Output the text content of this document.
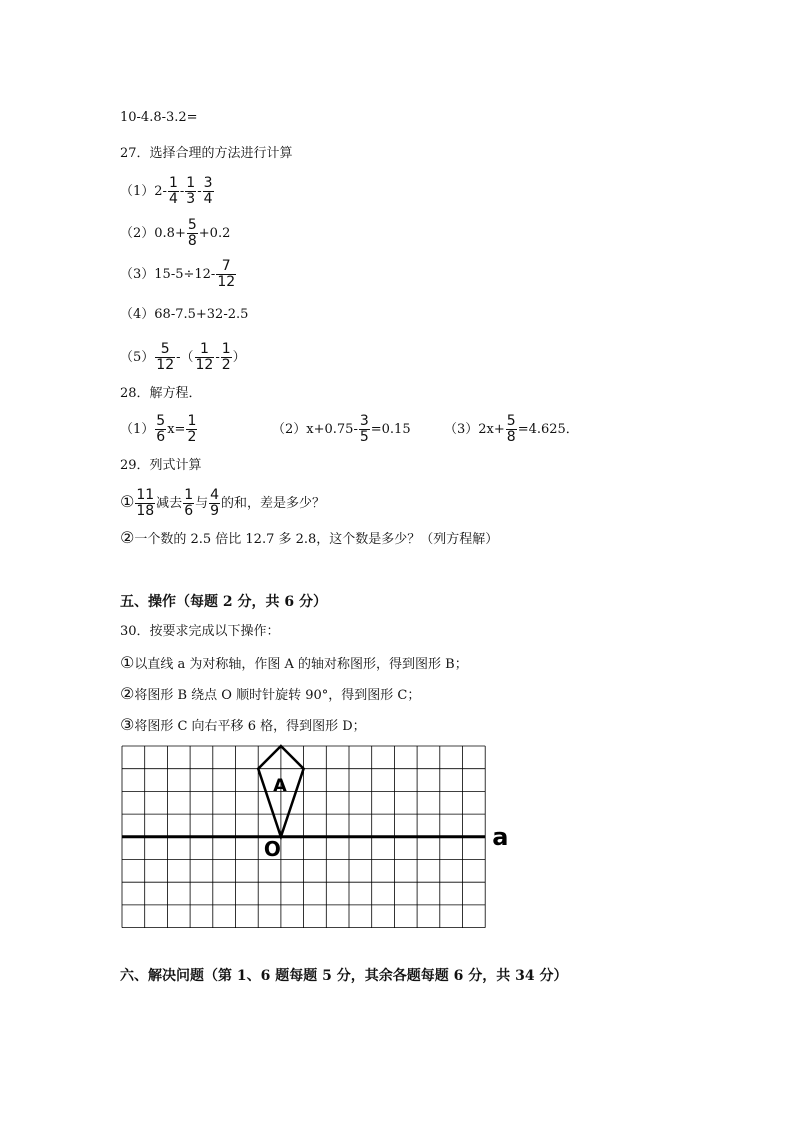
10-4.8-3.2=
27．选择合理的方法进行计算
$(1)2- \frac{1}{4} - \frac{1}{3} - \frac{3}{4}$
$(2)0.8+ \frac{5}{8} +0.2$
$(3)15-5\div 12- \frac{7}{12}$
（4）68-7.5+32-2.5
$(5) \frac{5}{12}$ -（ $\frac{1}{12} - \frac{1}{2}$ ）
28．解方程．
$(1) \frac{5}{6} x= \frac{1}{2}$	$(2)x+0.75- \frac{3}{5} =0.15$	$(3)2x+ \frac{5}{8} =4.625$．
29．列式计算
① $\frac{11}{18}$ 减去 $\frac{1}{6}$ 与 $\frac{4}{9}$ 的和，差是多少？
②一个数的 2.5 倍比 12.7 多 2.8，这个数是多少？（列方程解）
五、操作（每题 2 分，共 6 分）
30．按要求完成以下操作：
①以直线 a 为对称轴，作图 A 的轴对称图形，得到图形 B；
②将图形 B 绕点 O 顺时针旋转 90°，得到图形 C；
③将图形 C 向右平移 6 格，得到图形 D；
A
O	a
六、解决问题（第 1、6 题每题 5 分，其余各题每题 6 分，共 34 分）
